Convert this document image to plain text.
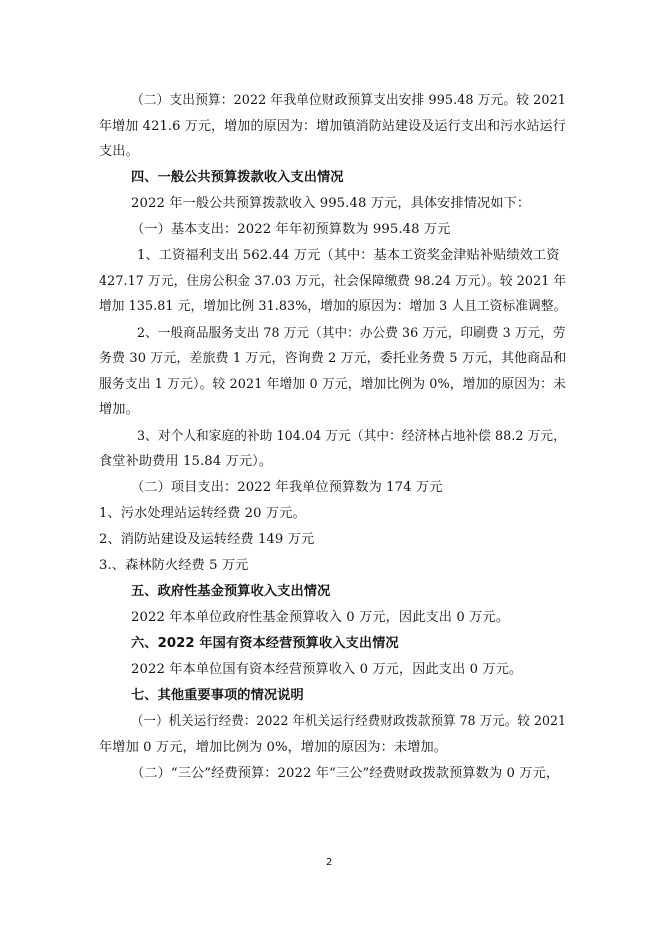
（二）支出预算：2022 年我单位财政预算支出安排 995.48 万元。较 2021
年增加 421.6 万元，增加的原因为：增加镇消防站建设及运行支出和污水站运行
支出。
四、一般公共预算拨款收入支出情况
2022 年一般公共预算拨款收入 995.48 万元，具体安排情况如下：
（一）基本支出：2022 年年初预算数为 995.48 万元
1、工资福利支出 562.44 万元（其中：基本工资奖金津贴补贴绩效工资
427.17 万元，住房公积金 37.03 万元，社会保障缴费 98.24 万元）。较 2021 年
增加 135.81 元，增加比例 31.83%，增加的原因为：增加 3 人且工资标准调整。
2、一般商品服务支出 78 万元（其中：办公费 36 万元，印刷费 3 万元，劳
务费 30 万元，差旅费 1 万元，咨询费 2 万元，委托业务费 5 万元，其他商品和
服务支出 1 万元）。较 2021 年增加 0 万元，增加比例为 0%，增加的原因为：未
增加。
3、对个人和家庭的补助 104.04 万元（其中：经济林占地补偿 88.2 万元，
食堂补助费用 15.84 万元）。
（二）项目支出：2022 年我单位预算数为 174 万元
1、污水处理站运转经费 20 万元。
2、消防站建设及运转经费 149 万元
3.、森林防火经费 5 万元
五、政府性基金预算收入支出情况
2022 年本单位政府性基金预算收入 0 万元，因此支出 0 万元。
六、2022 年国有资本经营预算收入支出情况
2022 年本单位国有资本经营预算收入 0 万元，因此支出 0 万元。
七、其他重要事项的情况说明
（一）机关运行经费：2022 年机关运行经费财政拨款预算 78 万元。较 2021
年增加 0 万元，增加比例为 0%，增加的原因为：未增加。
（二）“三公”经费预算：2022 年“三公”经费财政拨款预算数为 0 万元，
2
